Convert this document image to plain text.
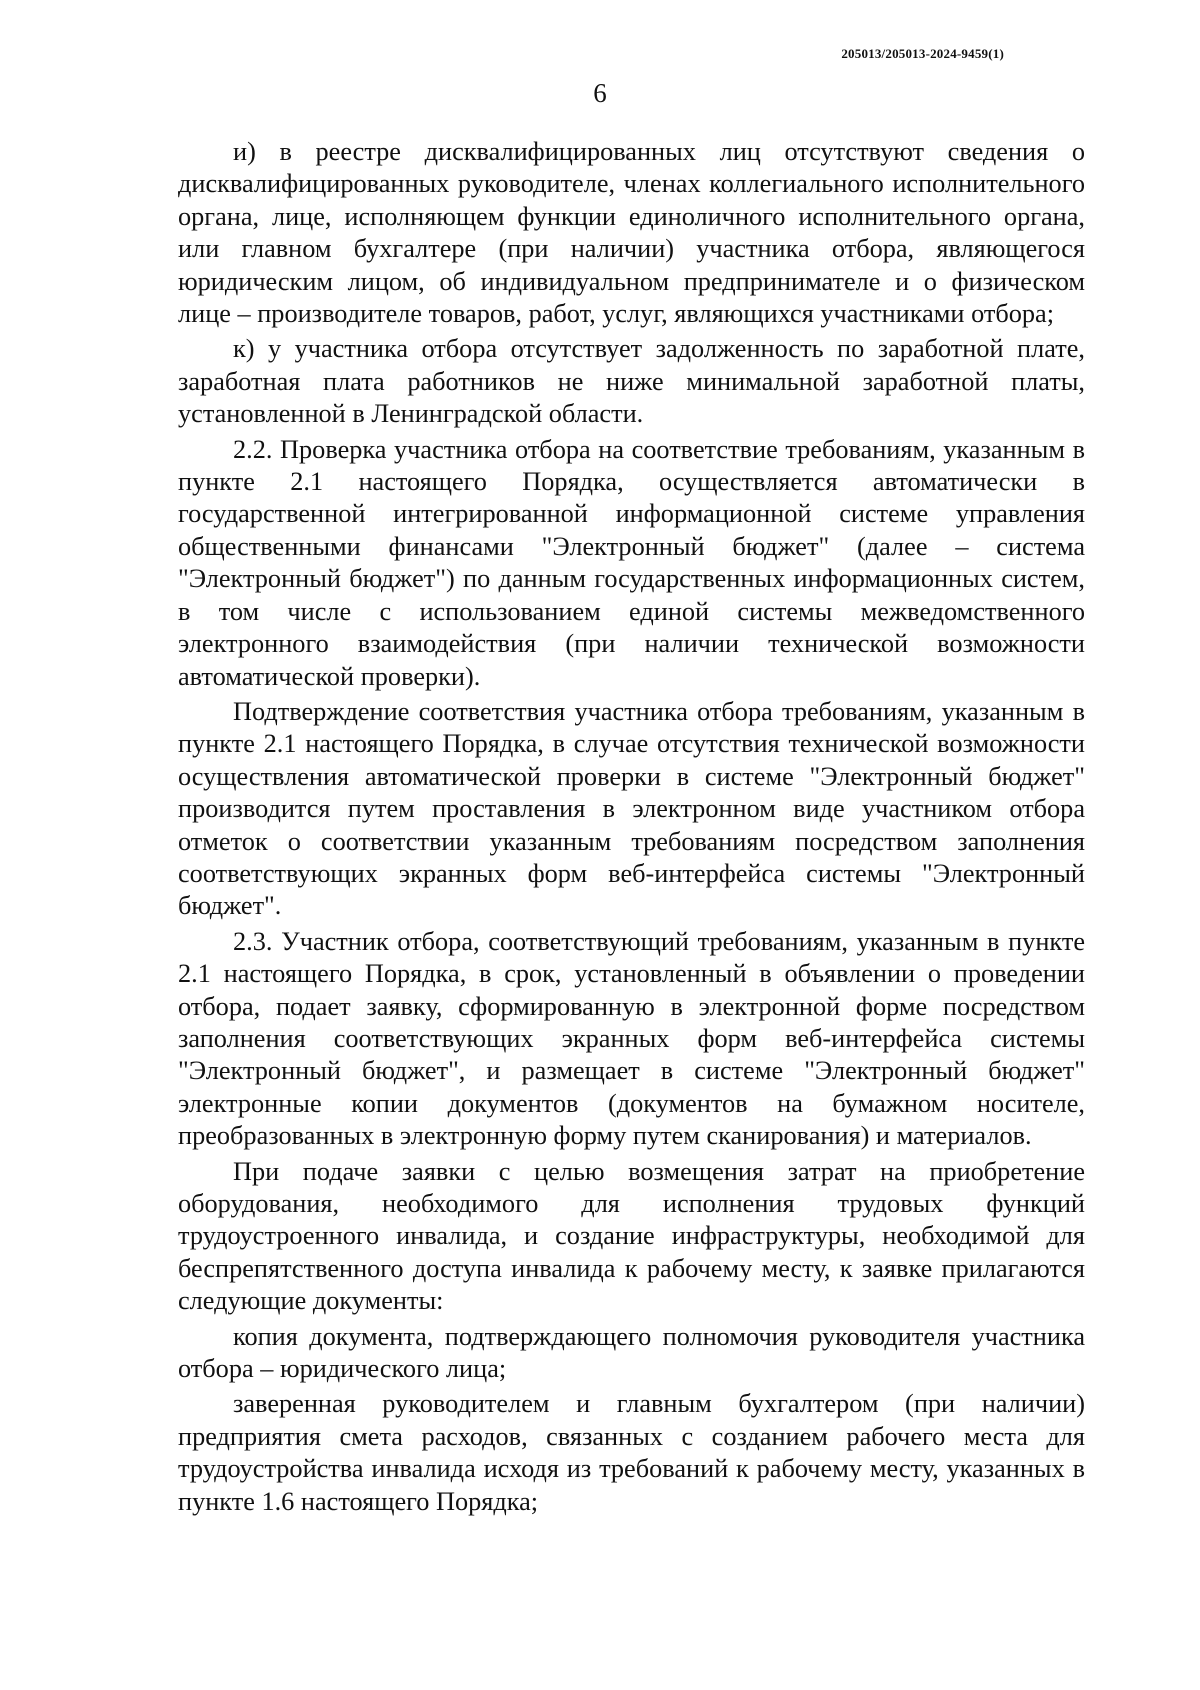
205013/205013-2024-9459(1)
6

и) в реестре дисквалифицированных лиц отсутствуют сведения о дисквалифицированных руководителе, членах коллегиального исполнительного органа, лице, исполняющем функции единоличного исполнительного органа, или главном бухгалтере (при наличии) участника отбора, являющегося юридическим лицом, об индивидуальном предпринимателе и о физическом лице – производителе товаров, работ, услуг, являющихся участниками отбора;

к) у участника отбора отсутствует задолженность по заработной плате, заработная плата работников не ниже минимальной заработной платы, установленной в Ленинградской области.

2.2. Проверка участника отбора на соответствие требованиям, указанным в пункте 2.1 настоящего Порядка, осуществляется автоматически в государственной интегрированной информационной системе управления общественными финансами "Электронный бюджет" (далее – система "Электронный бюджет") по данным государственных информационных систем, в том числе с использованием единой системы межведомственного электронного взаимодействия (при наличии технической возможности автоматической проверки).

Подтверждение соответствия участника отбора требованиям, указанным в пункте 2.1 настоящего Порядка, в случае отсутствия технической возможности осуществления автоматической проверки в системе "Электронный бюджет" производится путем проставления в электронном виде участником отбора отметок о соответствии указанным требованиям посредством заполнения соответствующих экранных форм веб-интерфейса системы "Электронный бюджет".

2.3. Участник отбора, соответствующий требованиям, указанным в пункте 2.1 настоящего Порядка, в срок, установленный в объявлении о проведении отбора, подает заявку, сформированную в электронной форме посредством заполнения соответствующих экранных форм веб-интерфейса системы "Электронный бюджет", и размещает в системе "Электронный бюджет" электронные копии документов (документов на бумажном носителе, преобразованных в электронную форму путем сканирования) и материалов.

При подаче заявки с целью возмещения затрат на приобретение оборудования, необходимого для исполнения трудовых функций трудоустроенного инвалида, и создание инфраструктуры, необходимой для беспрепятственного доступа инвалида к рабочему месту, к заявке прилагаются следующие документы:

копия документа, подтверждающего полномочия руководителя участника отбора – юридического лица;

заверенная руководителем и главным бухгалтером (при наличии) предприятия смета расходов, связанных с созданием рабочего места для трудоустройства инвалида исходя из требований к рабочему месту, указанных в пункте 1.6 настоящего Порядка;
